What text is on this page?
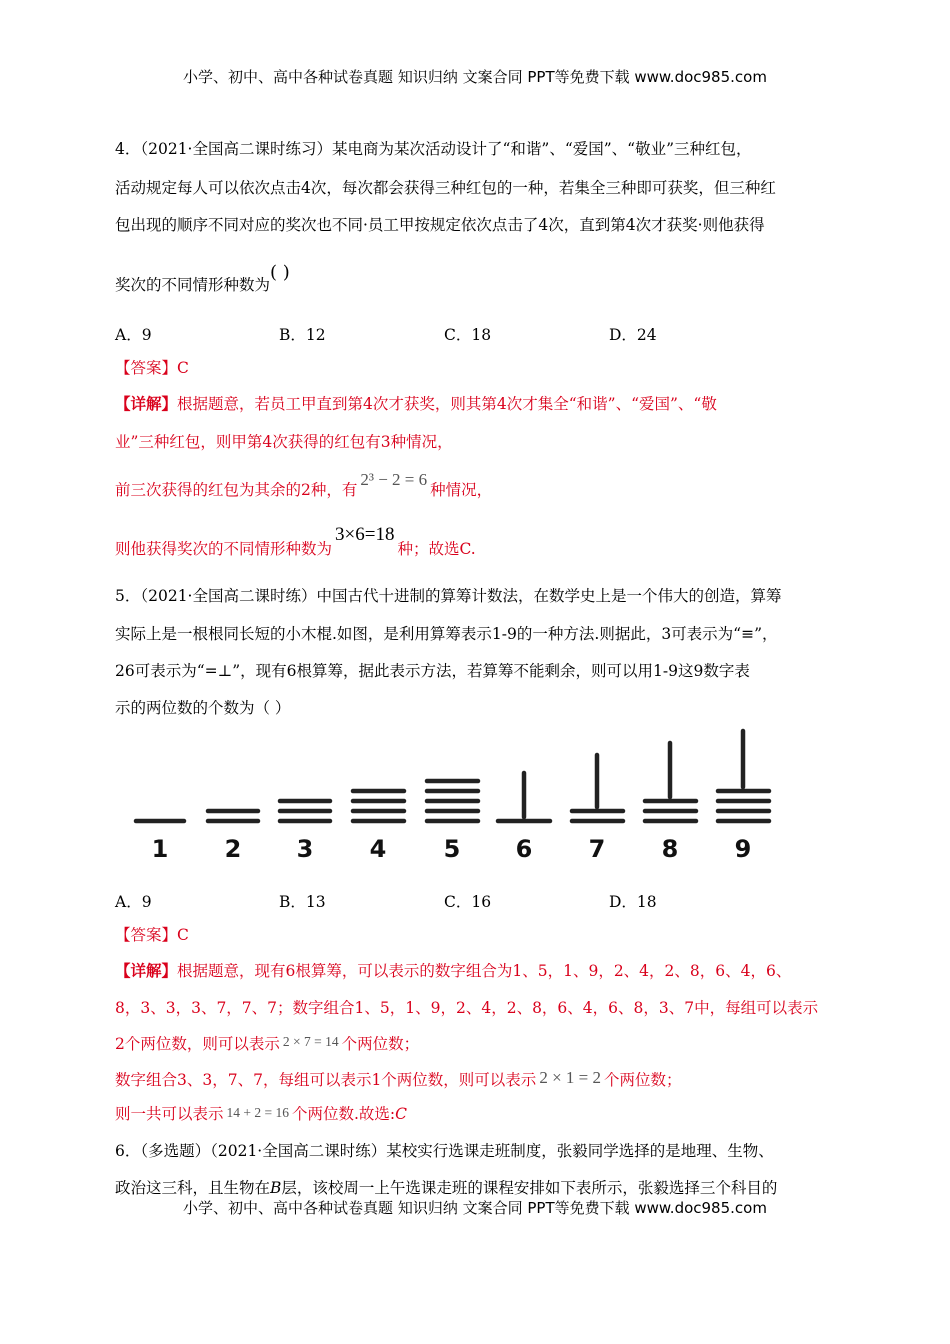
小学、初中、高中各种试卷真题 知识归纳 文案合同 PPT等免费下载 www.doc985.com
4．（2021·全国高二课时练习）某电商为某次活动设计了“和谐”、“爱国”、“敬业”三种红包，
活动规定每人可以依次点击4次，每次都会获得三种红包的一种，若集全三种即可获奖，但三种红
包出现的顺序不同对应的奖次也不同·员工甲按规定依次点击了4次，直到第4次才获奖·则他获得
奖次的不同情形种数为( )
A．9	B．12	C．18	D．24
【答案】C
【详解】根据题意，若员工甲直到第4次才获奖，则其第4次才集全“和谐”、“爱国”、“敬
业”三种红包，则甲第4次获得的红包有3种情况，
前三次获得的红包为其余的2种，有2³ − 2 = 6种情况，
则他获得奖次的不同情形种数为3×6=18种；故选C.
5．（2021·全国高二课时练）中国古代十进制的算筹计数法，在数学史上是一个伟大的创造，算筹
实际上是一根根同长短的小木棍.如图，是利用算筹表示1-9的一种方法.则据此，3可表示为“≡”，
26可表示为“=⊥”，现有6根算筹，据此表示方法，若算筹不能剩余，则可以用1-9这9数字表
示的两位数的个数为（ ）
1 2 3 4 5 6 7 8 9
A．9	B．13	C．16	D．18
【答案】C
【详解】根据题意，现有6根算筹，可以表示的数字组合为1、5，1、9，2、4，2、8，6、4，6、
8，3、3，3、7，7、7；数字组合1、5，1、9，2、4，2、8，6、4，6、8，3、7中，每组可以表示
2个两位数，则可以表示 2 × 7 = 14 个两位数；
数字组合3、3，7、7，每组可以表示1个两位数，则可以表示 2 × 1 = 2 个两位数；
则一共可以表示 14 + 2 = 16 个两位数.故选:C
6．（多选题）（2021·全国高二课时练）某校实行选课走班制度，张毅同学选择的是地理、生物、
政治这三科，且生物在B层，该校周一上午选课走班的课程安排如下表所示，张毅选择三个科目的
小学、初中、高中各种试卷真题 知识归纳 文案合同 PPT等免费下载 www.doc985.com
